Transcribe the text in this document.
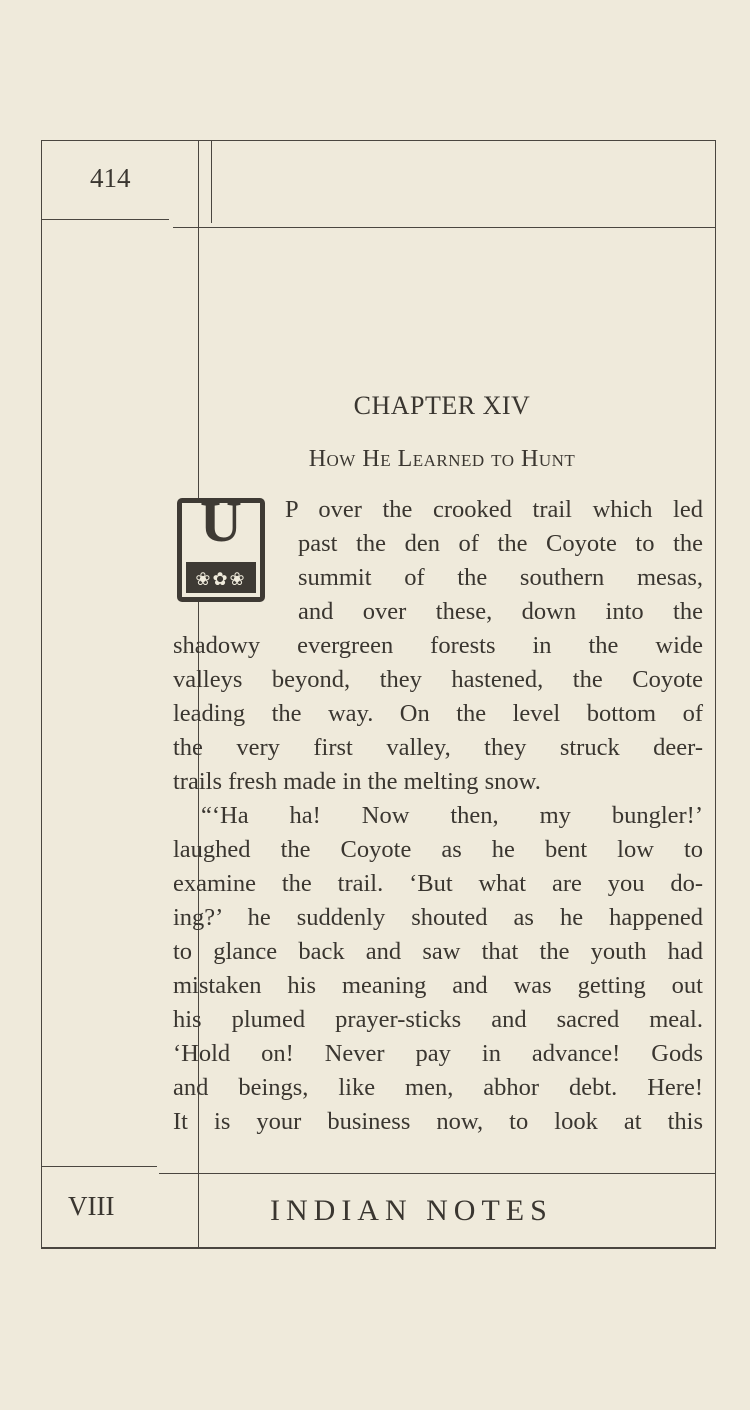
414
CHAPTER XIV
How He Learned to Hunt
U
❀✿❀
P over the crooked trail which led
past the den of the Coyote to the
summit of the southern mesas,
and over these, down into the
shadowy evergreen forests in the wide
valleys beyond, they hastened, the Coyote
leading the way. On the level bottom of
the very first valley, they struck deer-
trails fresh made in the melting snow.
“‘Ha ha! Now then, my bungler!’
laughed the Coyote as he bent low to
examine the trail. ‘But what are you do-
ing?’ he suddenly shouted as he happened
to glance back and saw that the youth had
mistaken his meaning and was getting out
his plumed prayer-sticks and sacred meal.
‘Hold on! Never pay in advance! Gods
and beings, like men, abhor debt. Here!
It is your business now, to look at this
VIII	INDIAN NOTES
